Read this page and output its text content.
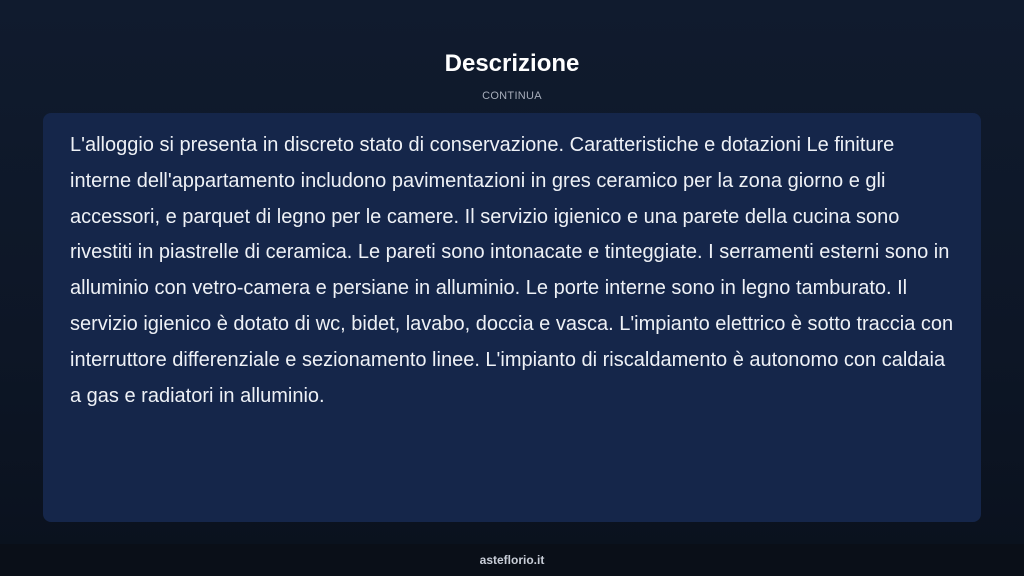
Descrizione
CONTINUA

L'alloggio si presenta in discreto stato di conservazione. Caratteristiche e dotazioni Le finiture interne dell'appartamento includono pavimentazioni in gres ceramico per la zona giorno e gli accessori, e parquet di legno per le camere. Il servizio igienico e una parete della cucina sono rivestiti in piastrelle di ceramica. Le pareti sono intonacate e tinteggiate. I serramenti esterni sono in alluminio con vetro-camera e persiane in alluminio. Le porte interne sono in legno tamburato. Il servizio igienico è dotato di wc, bidet, lavabo, doccia e vasca. L'impianto elettrico è sotto traccia con interruttore differenziale e sezionamento linee. L'impianto di riscaldamento è autonomo con caldaia a gas e radiatori in alluminio.

asteflorio.it
